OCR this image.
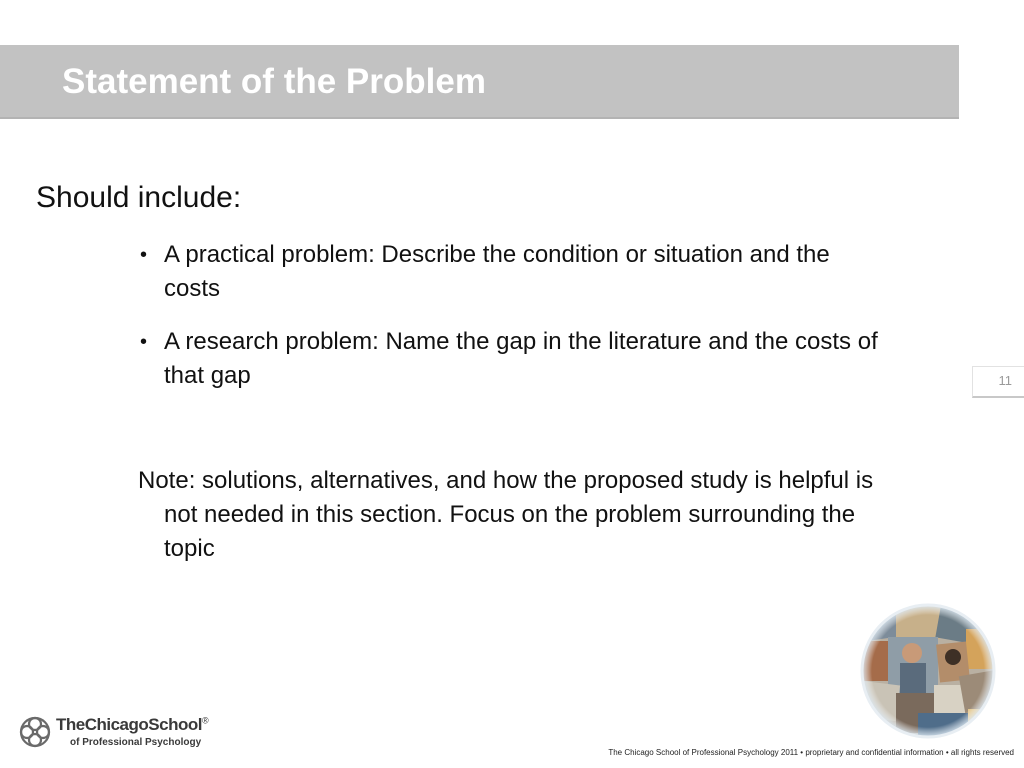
Statement of the Problem

Should include:

• A practical problem: Describe the condition or situation and the costs
• A research problem: Name the gap in the literature and the costs of that gap

Note: solutions, alternatives, and how the proposed study is helpful is not needed in this section. Focus on the problem surrounding the topic

11
TheChicagoSchool®
of Professional Psychology
The Chicago School of Professional Psychology 2011 • proprietary and confidential information • all rights reserved
